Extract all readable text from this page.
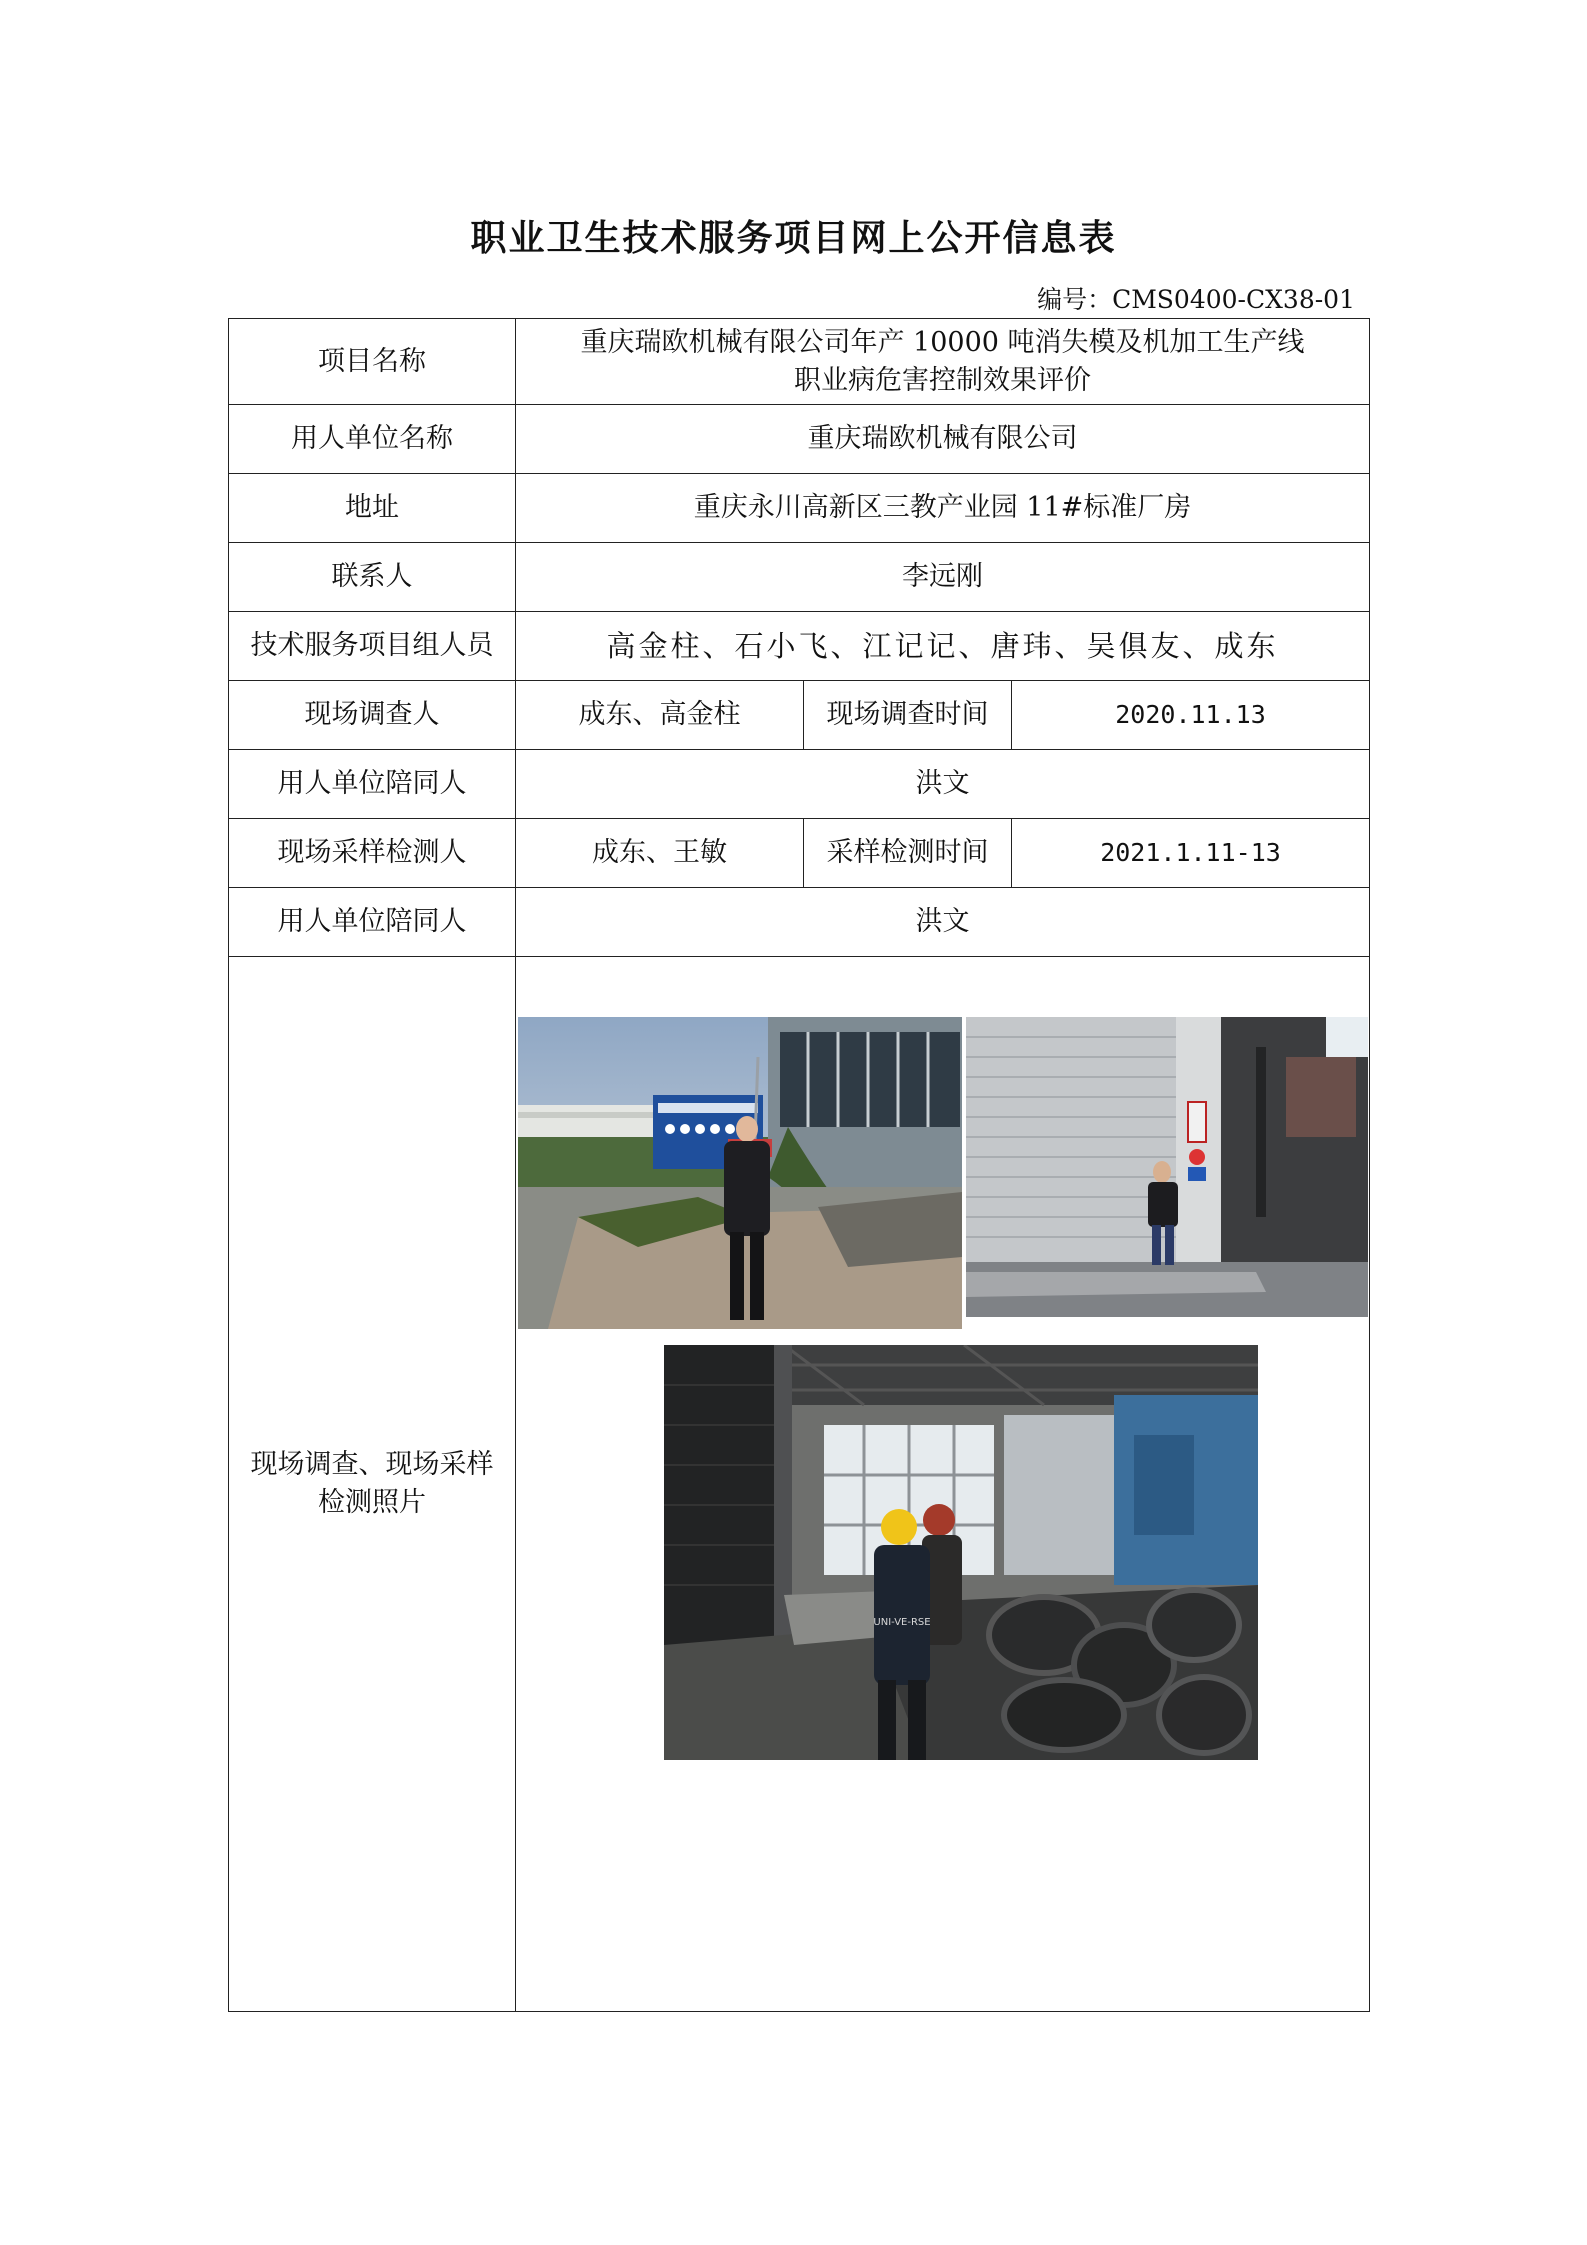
职业卫生技术服务项目网上公开信息表
编号：CMS0400-CX38-01
项目名称	重庆瑞欧机械有限公司年产 10000 吨消失模及机加工生产线
职业病危害控制效果评价		

用人单位名称	重庆瑞欧机械有限公司		
地址	重庆永川高新区三教产业园 11#标准厂房		
联系人	李远刚		
技术服务项目组人员	高金柱、石小飞、江记记、唐玮、吴俱友、成东		
现场调查人	成东、高金柱	现场调查时间	2020.11.13
用人单位陪同人	洪文		
现场采样检测人	成东、王敏	采样检测时间	2021.1.11-13
用人单位陪同人	洪文		

现场调查、现场采样
检测照片	UNI-VE-RSE		
